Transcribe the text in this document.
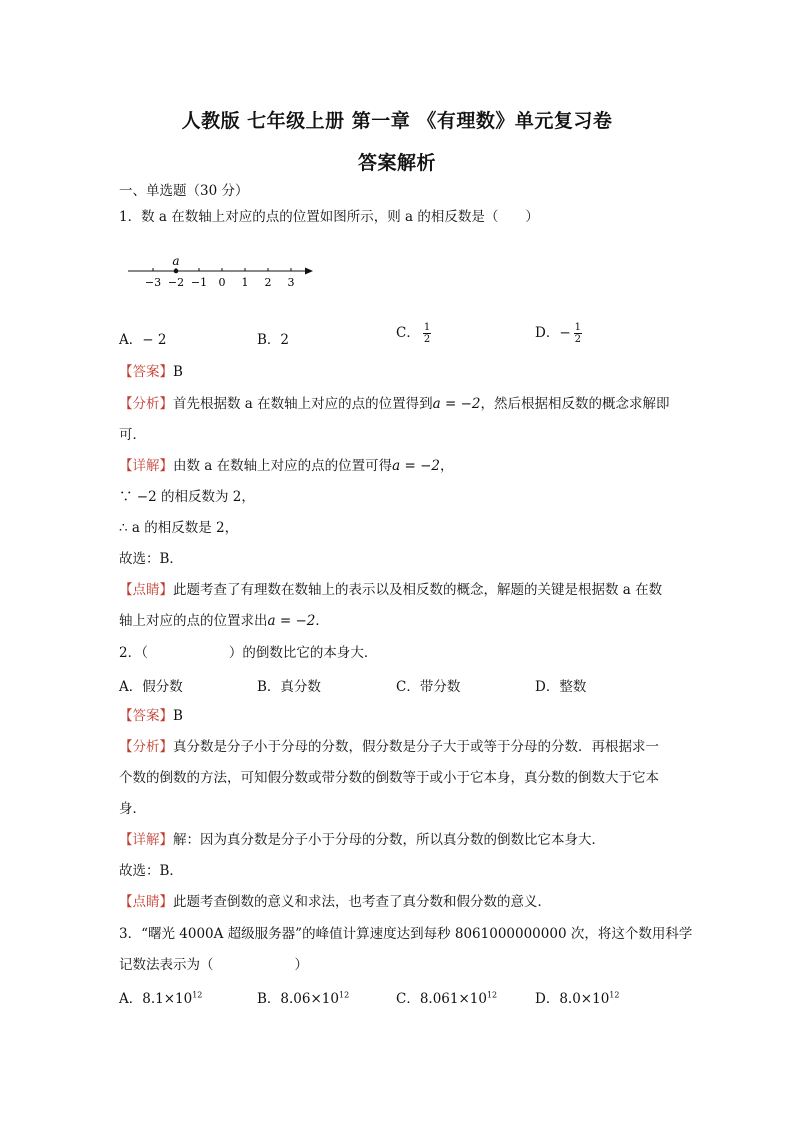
人教版 七年级上册 第一章 《有理数》单元复习卷
答案解析
一、单选题（30 分）
1．数 a 在数轴上对应的点的位置如图所示，则 a 的相反数是（　　）
−3 −2 −1 0 1 2 3
a
A．− 2	B．2	C． $\frac{1}{2}$	D．− $\frac{1}{2}$
【答案】B
【分析】首先根据数 a 在数轴上对应的点的位置得到a = −2，然后根据相反数的概念求解即
可．
【详解】由数 a 在数轴上对应的点的位置可得a = −2，
∵ −2 的相反数为 2，
∴ a 的相反数是 2，
故选：B．
【点睛】此题考查了有理数在数轴上的表示以及相反数的概念，解题的关键是根据数 a 在数
轴上对应的点的位置求出a = −2．
2．（　　　　　　）的倒数比它的本身大．
A．假分数	B．真分数	C．带分数	D．整数
【答案】B
【分析】真分数是分子小于分母的分数，假分数是分子大于或等于分母的分数．再根据求一
个数的倒数的方法，可知假分数或带分数的倒数等于或小于它本身，真分数的倒数大于它本
身．
【详解】解：因为真分数是分子小于分母的分数，所以真分数的倒数比它本身大．
故选：B．
【点睛】此题考查倒数的意义和求法，也考查了真分数和假分数的意义．
3．“曙光 4000A 超级服务器”的峰值计算速度达到每秒 8061000000000 次，将这个数用科学
记数法表示为（　　　　　　）
A．$8.1\times 10^{12}$	B．$8.06\times 10^{12}$	C．$8.061\times 10^{12}$	D．$8.0\times 10^{12}$
